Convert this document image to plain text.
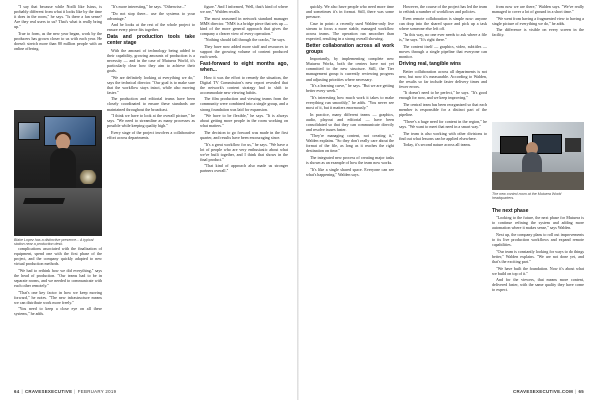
"I say that because while Nodli like Isirus, is probably different from what it looks like by the time it does in the room," he says. "Is there a fan sense? Are they real users to us? That's what is really bring up."

True to form, as the new year began, work by the producers has grown closer to us with each year. He doesn't stretch more than 80 million people with an online offering.

Blake Lopez has a distinctive presence... A typical station near a production desk.

complications associated with the finalization of equipment, spend one with the first phase of the project, and the company quickly adapted to new virtual production methods.

"We had to rethink how we did everything," says the head of production. "Our teams had to be in separate rooms, and we needed to communicate with each other remotely."

"That's one key factor in how we keep moving forward," he notes. "The new infrastructure means we can distribute work more freely."

"You need to keep a close eye on all these systems," he adds.

"It's more interesting," he says. "Otherwise..."

"Do not stop there... use the systems to your advantage."

And he looks at the rest of the whole project to ensure every piece fits together.

Data and production tools take center stage

With the amount of technology being added to their capability, growing amounts of production is a necessity — and in the case of Mutuera World, it's particularly clear how they aim to achieve their goals.

"We are definitely looking at everything we do," says the technical director. "Our goal is to make sure that the workflow stays intact, while also moving faster."

The production and editorial teams have been closely coordinated to ensure these standards are maintained throughout the broadcast.

"I think we have to look at the overall picture," he says. "We need to streamline as many processes as possible while keeping quality high."

Every stage of the project involves a collaborative effort across departments.

figure." And I informed, 'Well, that's kind of where we are,'" Walden recalls.

The most seasoned in network standard manager MMS director. "NMS is a bridge piece that sets up — kind of the more general approach that gives the company a clearer view of every operation."

"Nothing should fall through the cracks," he says.

They have now added more staff and resources to support the growing volume of content produced each week.

Fast-forward to eight months ago, when...

How it was the effort to remedy the situation, the Digital TV Commission's new report revealed that the network's content strategy had to shift to accommodate new viewing habits.

The film production and viewing teams from the community were combined into a single group, and a strong foundation was laid for expansion.

"We have to be flexible," he says. "It is always about getting more people in the room working on what matters."

The decision to go forward was made in the first quarter, and results have been encouraging since.

"It's a great workflow for us," he says. "We have a lot of people who are very enthusiastic about what we've built together, and I think that shows in the final product."

"That kind of approach also made us stronger partners overall."

64 | CRAVESEXECUTIVE | FEBRUARY 2019

quickly. We also have people who need more time and sometimes it's in format. Still, there was some pressure.

Case in point: a recently used Walden-only live stream to focus a more stable, managed workflow across teams. The operation ran smoother than expected, resulting in a strong overall showing.

Better collaboration across all work groups

Importantly, by implementing complete new Mutuera Works, both the centers have not yet committed to the new structure. Still, the Tier management group is currently reviewing progress and adjusting priorities where necessary.

"It's a learning curve," he says. "But we are getting better every week."

"It's interesting how much work it takes to make everything run smoothly," he adds. "You never see most of it, but it matters enormously."

In practice, many different teams — graphics, audio, playout and editorial — have been consolidated so that they can communicate directly and resolve issues faster.

"They're managing content, not creating it," Walden explains. "So they don't really care about the format of the file, as long as it reaches the right destination on time."

The integrated new process of creating major tasks is shown as an example of how the team now works.

"It's like a single shared space. Everyone can see what's happening," Walden says.

However, the course of the project has led the team to rethink a number of workflows and policies.

Even remote collaboration is simple now: anyone can drop into the shared space and pick up a task where someone else left off.

"In this way, no one ever needs to ask where a file is," he says. "It's right there."

The content itself — graphics, video, subtitles — moves through a single pipeline that everyone can monitor.

Driving real, tangible wins

Better collaboration across all departments is not new, but now it's measurable. According to Walden, the results so far include faster delivery times and fewer errors.

"It doesn't need to be perfect," he says. "It's good enough for now, and we keep improving."

The central team has been reorganized so that each member is responsible for a distinct part of the pipeline.

"There's a huge need for content in the region," he says. "We want to meet that need in a smart way."

The team is also working with other divisions to find out what lessons can be applied elsewhere.

Today, it's second nature across all teams.

from now we are there," Walden says. "We've really managed to cover a lot of ground in a short time."

"We went from having a fragmented view to having a single picture of everything we do," he adds.

The difference is visible on every screen in the facility.

The new control room at the Mutuera World headquarters.
The next phase

"Looking to the future, the next phase for Mutuera is to continue refining the system and adding more automation where it makes sense," says Walden.

Next up, the company plans to roll out improvements to its live production workflows and expand remote capabilities.

"Our team is constantly looking for ways to do things better," Walden explains. "We are not done yet, and that's the exciting part."

"We have built the foundation. Now it's about what we build on top of it."

And for the viewers, that means more content, delivered faster, with the same quality they have come to expect.

CRAVESEXECUTIVE.COM | 65
